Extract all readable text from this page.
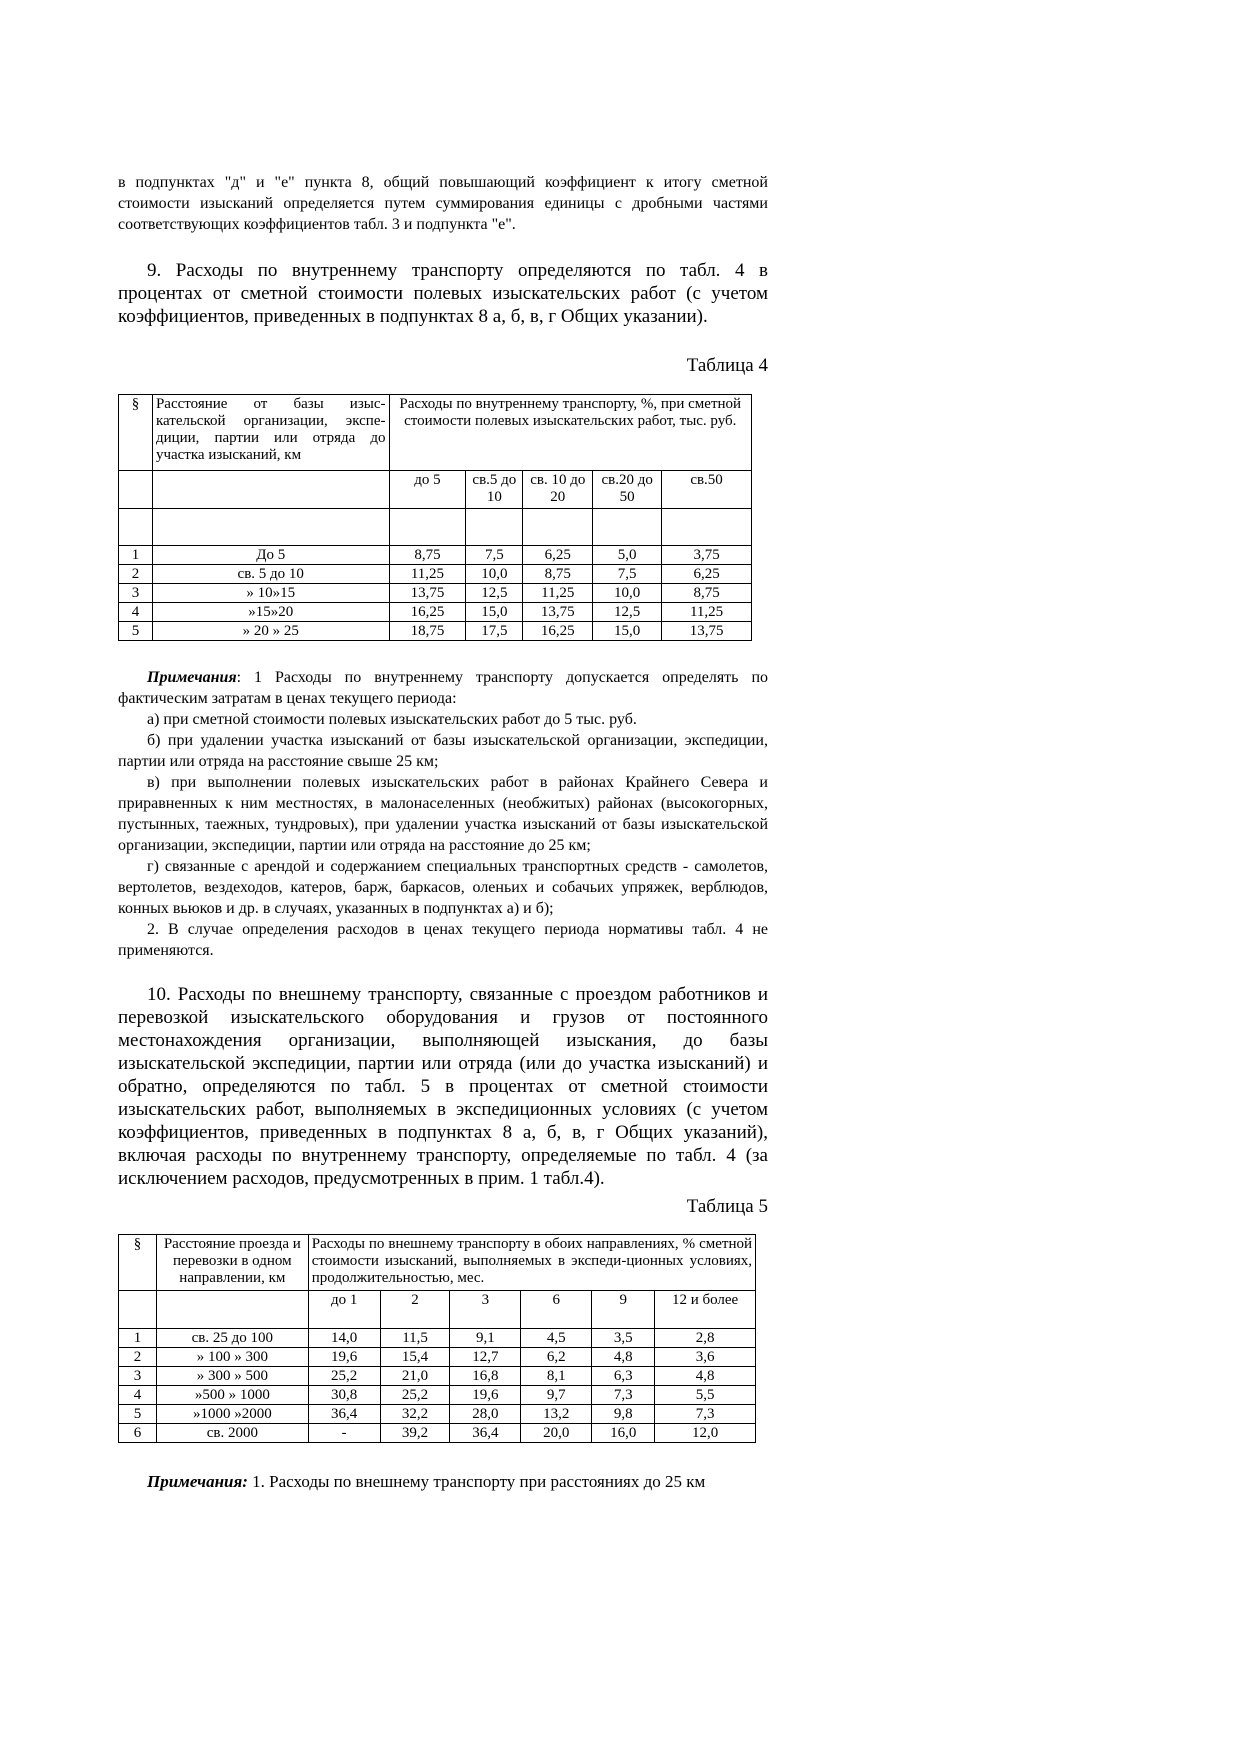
в подпунктах "д" и "е" пункта 8, общий повышающий коэффициент к итогу сметной стоимости изысканий определяется путем суммирования единицы с дробными частями соответствующих коэффициентов табл. 3 и подпункта "е".

9. Расходы по внутреннему транспорту определяются по табл. 4 в процентах от сметной стоимости полевых изыскательских работ (с учетом коэффициентов, приведенных в подпунктах 8 а, б, в, г Общих указании).

Таблица 4
§	Расстояние от базы изыс-кательской организации, экспе-диции, партии или отряда до участка изысканий, км	Расходы по внутреннему транспорту, %, при сметной стоимости полевых изыскательских работ, тыс. руб.				
		до 5	св.5 до 10	св. 10 до 20	св.20 до 50	св.50

1	До 5	8,75	7,5	6,25	5,0	3,75
2	св. 5 до 10	11,25	10,0	8,75	7,5	6,25
3	» 10»15	13,75	12,5	11,25	10,0	8,75
4	»15»20	16,25	15,0	13,75	12,5	11,25
5	» 20 » 25	18,75	17,5	16,25	15,0	13,75

Примечания: 1 Расходы по внутреннему транспорту допускается определять по фактическим затратам в ценах текущего периода:

а) при сметной стоимости полевых изыскательских работ до 5 тыс. руб.

б) при удалении участка изысканий от базы изыскательской организации, экспедиции, партии или отряда на расстояние свыше 25 км;

в) при выполнении полевых изыскательских работ в районах Крайнего Севера и приравненных к ним местностях, в малонаселенных (необжитых) районах (высокогорных, пустынных, таежных, тундровых), при удалении участка изысканий от базы изыскательской организации, экспедиции, партии или отряда на расстояние до 25 км;

г) связанные с арендой и содержанием специальных транспортных средств - самолетов, вертолетов, вездеходов, катеров, барж, баркасов, оленьих и собачьих упряжек, верблюдов, конных вьюков и др. в случаях, указанных в подпунктах а) и б);

2. В случае определения расходов в ценах текущего периода нормативы табл. 4 не применяются.

10. Расходы по внешнему транспорту, связанные с проездом работников и перевозкой изыскательского оборудования и грузов от постоянного местонахождения организации, выполняющей изыскания, до базы изыскательской экспедиции, партии или отряда (или до участка изысканий) и обратно, определяются по табл. 5 в процентах от сметной стоимости изыскательских работ, выполняемых в экспедиционных условиях (с учетом коэффициентов, приведенных в подпунктах 8 а, б, в, г Общих указаний), включая расходы по внутреннему транспорту, определяемые по табл. 4 (за исключением расходов, предусмотренных в прим. 1 табл.4).

Таблица 5
§	Расстояние проезда и перевозки в одном направлении, км	Расходы по внешнему транспорту в обоих направлениях, % сметной стоимости изысканий, выполняемых в экспеди-ционных условиях, продолжительностью, мес.					
		до 1	2	3	6	9	12 и более
1	св. 25 до 100	14,0	11,5	9,1	4,5	3,5	2,8
2	» 100 » 300	19,6	15,4	12,7	6,2	4,8	3,6
3	» 300 » 500	25,2	21,0	16,8	8,1	6,3	4,8
4	»500 » 1000	30,8	25,2	19,6	9,7	7,3	5,5
5	»1000 »2000	36,4	32,2	28,0	13,2	9,8	7,3
6	св. 2000	-	39,2	36,4	20,0	16,0	12,0

Примечания: 1. Расходы по внешнему транспорту при расстояниях до 25 км
